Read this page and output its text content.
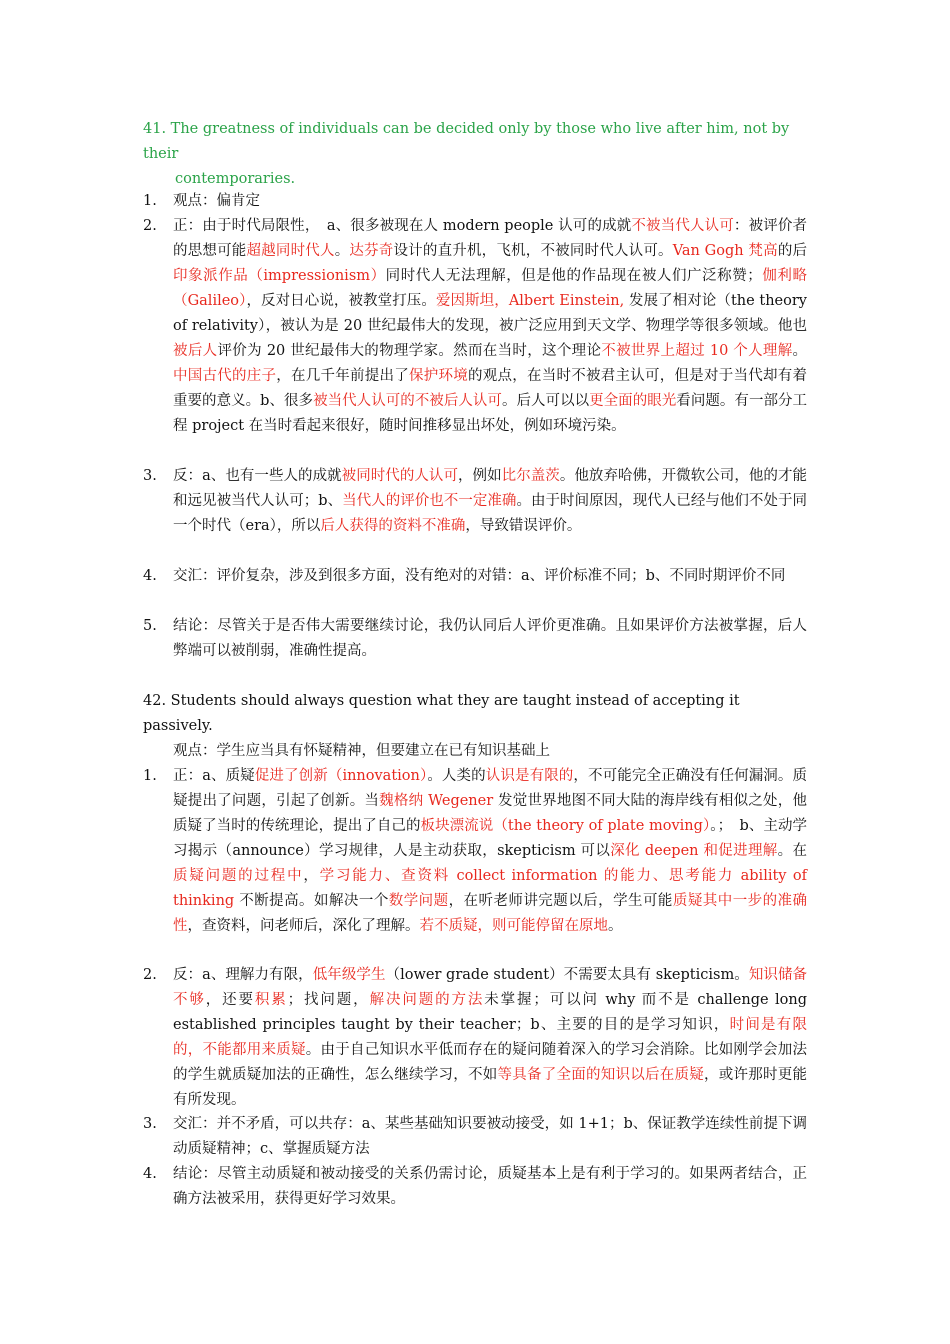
41. The greatness of individuals can be decided only by those who live after him, not by their
contemporaries.
1.	观点：偏肯定
2.	正：由于时代局限性，　a、很多被现在人 modern people 认可的成就不被当代人认可：被评价者的思想可能超越同时代人。达芬奇设计的直升机，飞机，不被同时代人认可。Van Gogh 梵高的后印象派作品（impressionism）同时代人无法理解，但是他的作品现在被人们广泛称赞；伽利略（Galileo），反对日心说，被教堂打压。爱因斯坦，Albert Einstein, 发展了相对论（the theory of relativity），被认为是 20 世纪最伟大的发现，被广泛应用到天文学、物理学等很多领域。他也被后人评价为 20 世纪最伟大的物理学家。然而在当时，这个理论不被世界上超过 10 个人理解。中国古代的庄子，在几千年前提出了保护环境的观点，在当时不被君主认可，但是对于当代却有着重要的意义。b、很多被当代人认可的不被后人认可。后人可以以更全面的眼光看问题。有一部分工程 project 在当时看起来很好，随时间推移显出坏处，例如环境污染。
3.	反：a、也有一些人的成就被同时代的人认可，例如比尔盖茨。他放弃哈佛，开微软公司，他的才能和远见被当代人认可；b、当代人的评价也不一定准确。由于时间原因，现代人已经与他们不处于同一个时代（era），所以后人获得的资料不准确，导致错误评价。
4.	交汇：评价复杂，涉及到很多方面，没有绝对的对错：a、评价标准不同；b、不同时期评价不同
5.	结论：尽管关于是否伟大需要继续讨论，我仍认同后人评价更准确。且如果评价方法被掌握，后人弊端可以被削弱，准确性提高。
42. Students should always question what they are taught instead of accepting it passively.
观点：学生应当具有怀疑精神，但要建立在已有知识基础上
1.	正：a、质疑促进了创新（innovation）。人类的认识是有限的，不可能完全正确没有任何漏洞。质疑提出了问题，引起了创新。当魏格纳 Wegener 发觉世界地图不同大陆的海岸线有相似之处，他质疑了当时的传统理论，提出了自己的板块漂流说（the theory of plate moving）。；　b、主动学习揭示（announce）学习规律，人是主动获取，skepticism 可以深化 deepen 和促进理解。在质疑问题的过程中，学习能力、查资料 collect information 的能力、思考能力 ability of thinking 不断提高。如解决一个数学问题，在听老师讲完题以后，学生可能质疑其中一步的准确性，查资料，问老师后，深化了理解。若不质疑，则可能停留在原地。
2.	反：a、理解力有限，低年级学生（lower grade student）不需要太具有 skepticism。知识储备不够，还要积累；找问题，解决问题的方法未掌握；可以问 why 而不是 challenge long established principles taught by their teacher；b、主要的目的是学习知识，时间是有限的，不能都用来质疑。由于自己知识水平低而存在的疑问随着深入的学习会消除。比如刚学会加法的学生就质疑加法的正确性，怎么继续学习，不如等具备了全面的知识以后在质疑，或许那时更能有所发现。
3.	交汇：并不矛盾，可以共存：a、某些基础知识要被动接受，如 1+1；b、保证教学连续性前提下调动质疑精神；c、掌握质疑方法
4.	结论：尽管主动质疑和被动接受的关系仍需讨论，质疑基本上是有利于学习的。如果两者结合，正确方法被采用，获得更好学习效果。
